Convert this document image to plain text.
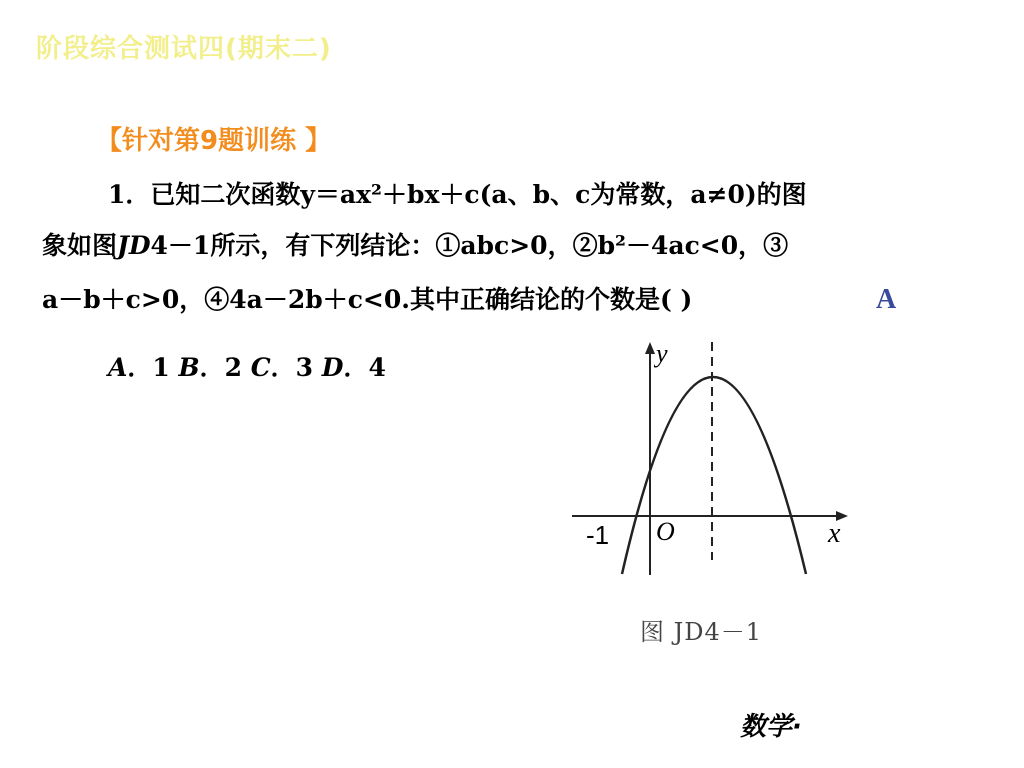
阶段综合测试四(期末二)
【针对第9题训练 】
1．已知二次函数y＝ax²＋bx＋c(a、b、c为常数，a≠0)的图
象如图JD4－1所示，有下列结论：①abc>0，②b²－4ac<0，③
a－b＋c>0，④4a－2b＋c<0.其中正确结论的个数是( )	A
A．1 B．2 C．3 D．4	y
x
O
-1
图 JD4－1
数学·
